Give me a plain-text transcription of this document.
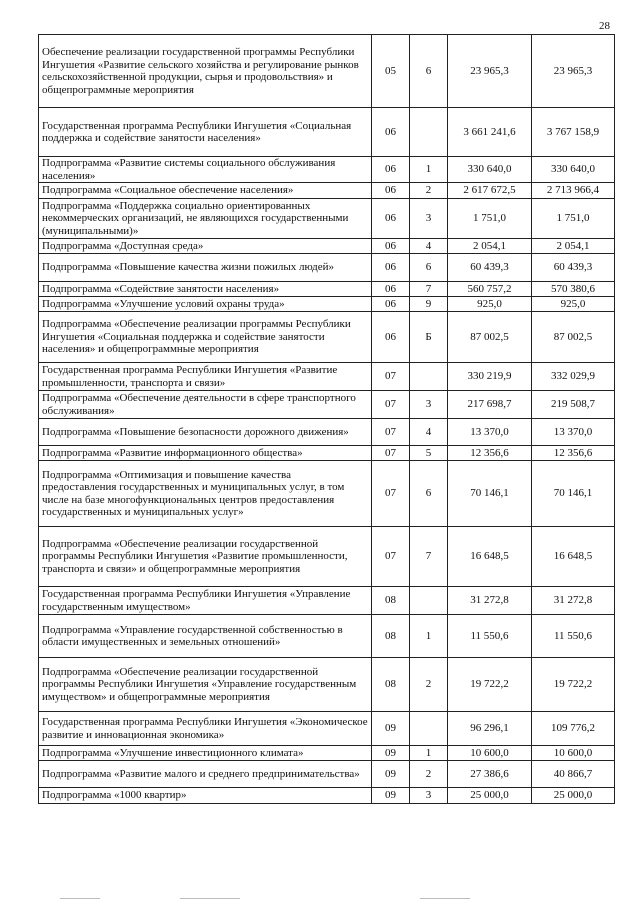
28
Обеспечение реализации государственной программы Республики Ингушетия «Развитие сельского хозяйства и регулирование рынков сельскохозяйственной продукции, сырья и продовольствия» и общепрограммные мероприятия	05	6	23 965,3	23 965,3
Государственная программа Республики Ингушетия «Социальная поддержка и содействие занятости населения»	06		3 661 241,6	3 767 158,9
Подпрограмма «Развитие системы социального обслуживания населения»	06	1	330 640,0	330 640,0
Подпрограмма «Социальное обеспечение населения»	06	2	2 617 672,5	2 713 966,4
Подпрограмма «Поддержка социально ориентированных некоммерческих организаций, не являющихся государственными (муниципальными)»	06	3	1 751,0	1 751,0
Подпрограмма «Доступная среда»	06	4	2 054,1	2 054,1
Подпрограмма «Повышение качества жизни пожилых людей»	06	6	60 439,3	60 439,3
Подпрограмма «Содействие занятости населения»	06	7	560 757,2	570 380,6
Подпрограмма «Улучшение условий охраны труда»	06	9	925,0	925,0
Подпрограмма «Обеспечение реализации программы Республики Ингушетия «Социальная поддержка и содействие занятости населения» и общепрограммные мероприятия	06	Б	87 002,5	87 002,5
Государственная программа Республики Ингушетия «Развитие промышленности, транспорта и связи»	07		330 219,9	332 029,9
Подпрограмма «Обеспечение деятельности в сфере транспортного обслуживания»	07	3	217 698,7	219 508,7
Подпрограмма «Повышение безопасности дорожного движения»	07	4	13 370,0	13 370,0
Подпрограмма «Развитие информационного общества»	07	5	12 356,6	12 356,6
Подпрограмма «Оптимизация и повышение качества предоставления государственных и муниципальных услуг, в том числе на базе многофункциональных центров предоставления государственных и муниципальных услуг»	07	6	70 146,1	70 146,1
Подпрограмма «Обеспечение реализации государственной программы Республики Ингушетия «Развитие промышленности, транспорта и связи» и общепрограммные мероприятия	07	7	16 648,5	16 648,5
Государственная программа Республики Ингушетия «Управление государственным имуществом»	08		31 272,8	31 272,8
Подпрограмма «Управление государственной собственностью в области имущественных и земельных отношений»	08	1	11 550,6	11 550,6
Подпрограмма «Обеспечение реализации государственной программы Республики Ингушетия «Управление государственным имуществом» и общепрограммные мероприятия	08	2	19 722,2	19 722,2
Государственная программа Республики Ингушетия «Экономическое развитие и инновационная экономика»	09		96 296,1	109 776,2
Подпрограмма «Улучшение инвестиционного климата»	09	1	10 600,0	10 600,0
Подпрограмма «Развитие малого и среднего предпринимательства»	09	2	27 386,6	40 866,7
Подпрограмма «1000 квартир»	09	3	25 000,0	25 000,0
